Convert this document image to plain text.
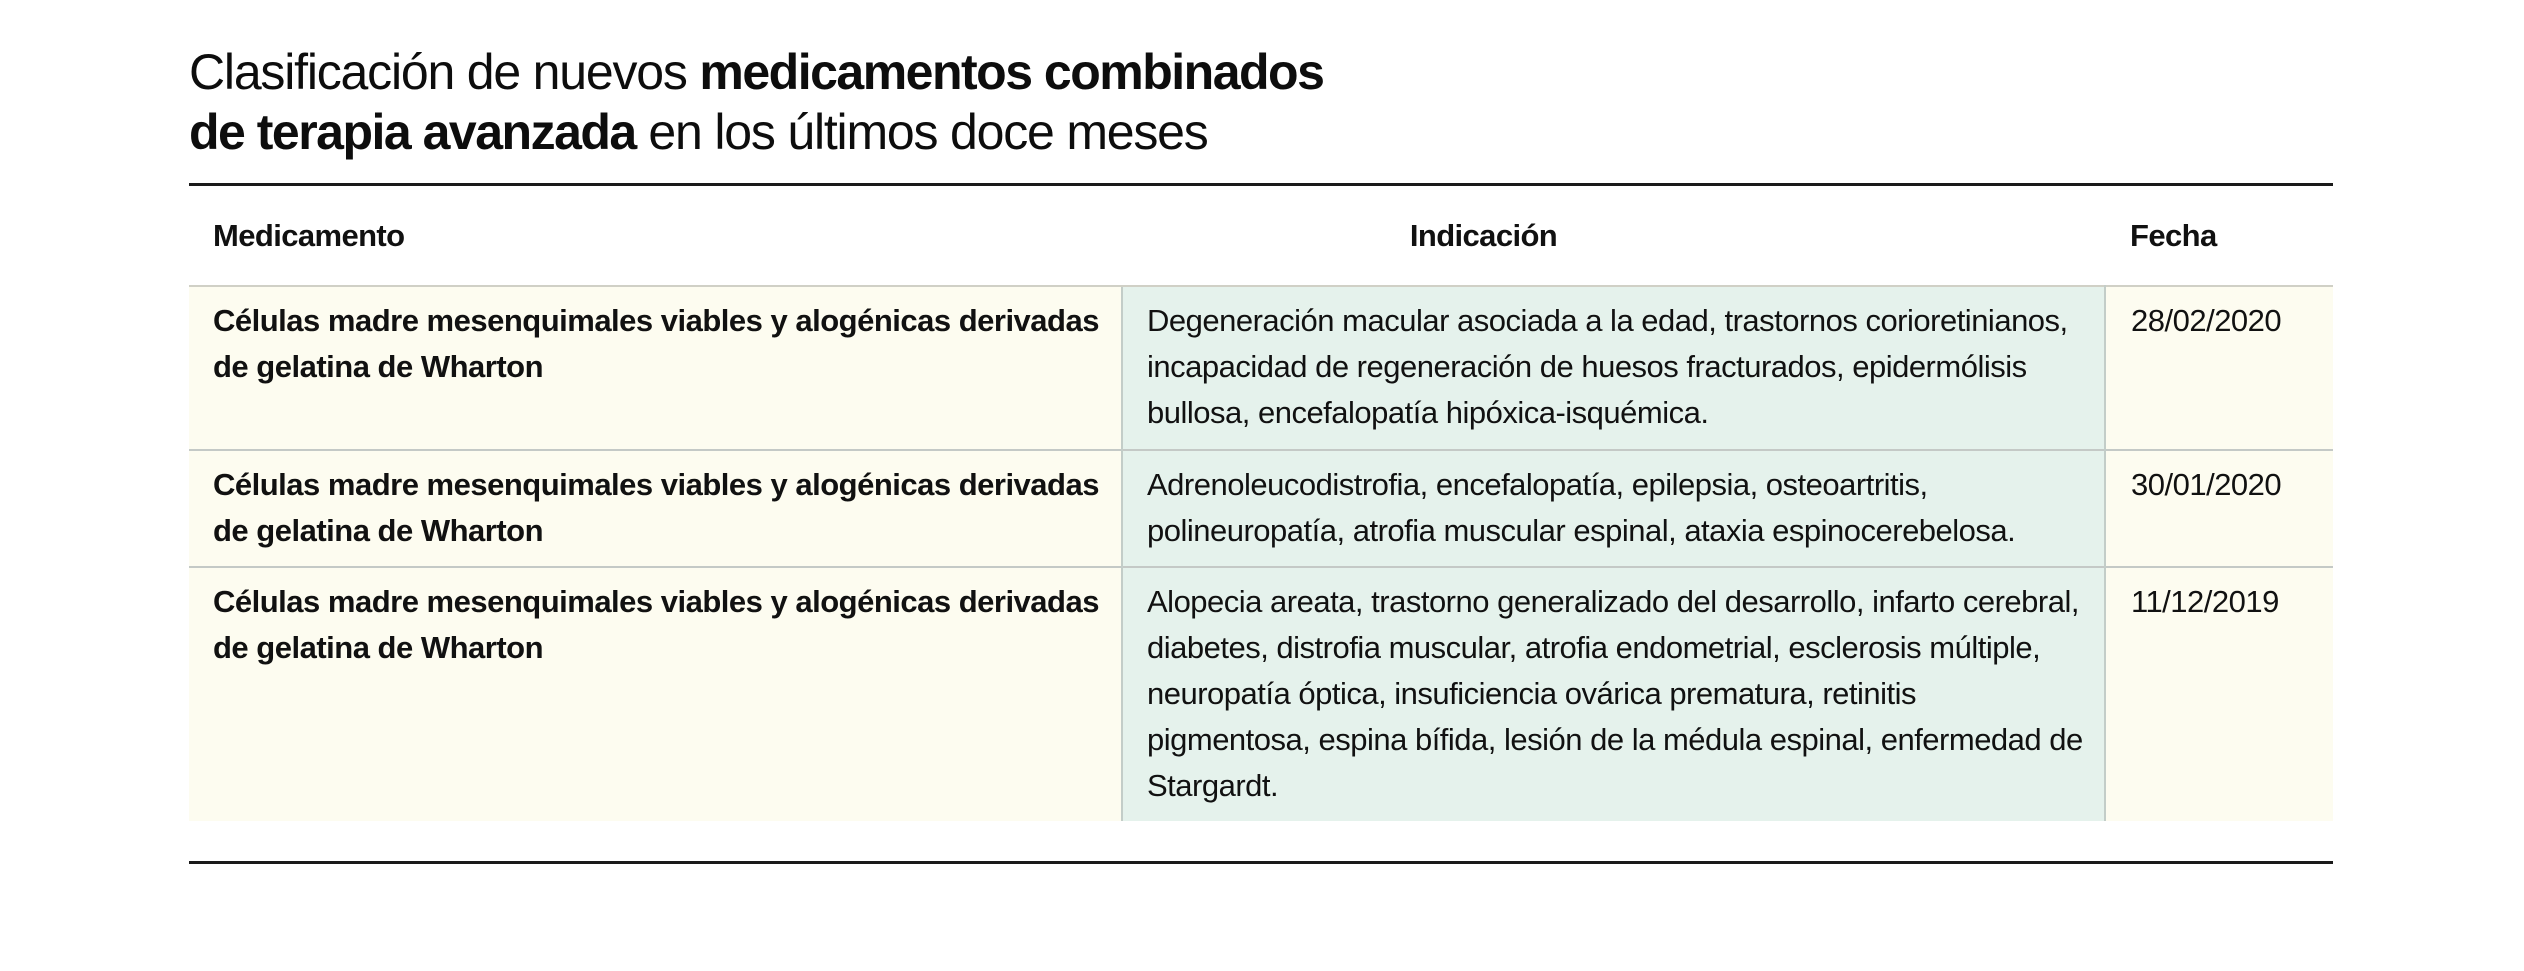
Clasificación de nuevos medicamentos combinados
de terapia avanzada en los últimos doce meses
Medicamento	Indicación	Fecha
Células madre mesenquimales viables y alogénicas derivadas de gelatina de Wharton	Degeneración macular asociada a la edad, trastornos corioretinianos, incapacidad de regeneración de huesos fracturados, epidermólisis bullosa, encefalopatía hipóxica-isquémica.	28/02/2020
Células madre mesenquimales viables y alogénicas derivadas de gelatina de Wharton	Adrenoleucodistrofia, encefalopatía, epilepsia, osteoartritis, polineuropatía, atrofia muscular espinal, ataxia espinocerebelosa.	30/01/2020
Células madre mesenquimales viables y alogénicas derivadas de gelatina de Wharton	Alopecia areata, trastorno generalizado del desarrollo, infarto cerebral, diabetes, distrofia muscular, atrofia endometrial, esclerosis múltiple, neuropatía óptica, insuficiencia ovárica prematura, retinitis pigmentosa, espina bífida, lesión de la médula espinal, enfermedad de Stargardt.	11/12/2019
